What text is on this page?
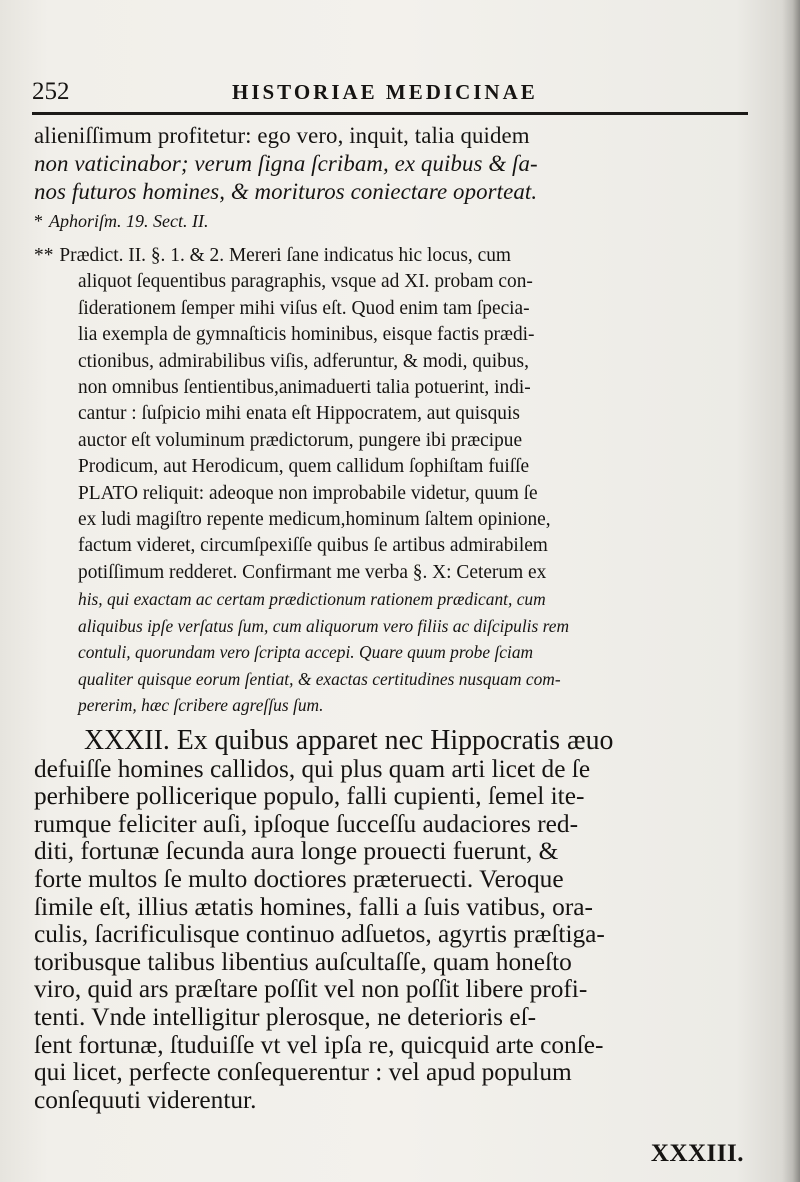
252	HISTORIAE MEDICINAE
alieniſſimum profitetur: ego vero, inquit, talia quidem
non vaticinabor; verum ſigna ſcribam, ex quibus & ſa-
nos futuros homines, & morituros coniectare oporteat.
* Aphoriſm. 19. Sect. II.
** Prædict. II. §. 1. & 2. Mereri ſane indicatus hic locus, cum
aliquot ſequentibus paragraphis, vsque ad XI. probam con-
ſiderationem ſemper mihi viſus eſt. Quod enim tam ſpecia-
lia exempla de gymnaſticis hominibus, eisque factis prædi-
ctionibus, admirabilibus viſis, adferuntur, & modi, quibus,
non omnibus ſentientibus,animaduerti talia potuerint, indi-
cantur : ſuſpicio mihi enata eſt Hippocratem, aut quisquis
auctor eſt voluminum prædictorum, pungere ibi præcipue
Prodicum, aut Herodicum, quem callidum ſophiſtam fuiſſe
PLATO reliquit: adeoque non improbabile videtur, quum ſe
ex ludi magiſtro repente medicum,hominum ſaltem opinione,
factum videret, circumſpexiſſe quibus ſe artibus admirabilem
potiſſimum redderet. Confirmant me verba §. X: Ceterum ex
his, qui exactam ac certam prædictionum rationem prædicant, cum
aliquibus ipſe verſatus ſum, cum aliquorum vero filiis ac diſcipulis rem
contuli, quorundam vero ſcripta accepi. Quare quum probe ſciam
qualiter quisque eorum ſentiat, & exactas certitudines nusquam com-
pererim, hæc ſcribere agreſſus ſum.
XXXII. Ex quibus apparet nec Hippocratis æuo
defuiſſe homines callidos, qui plus quam arti licet de ſe
perhibere pollicerique populo, falli cupienti, ſemel ite-
rumque feliciter auſi, ipſoque ſucceſſu audaciores red-
diti, fortunæ ſecunda aura longe prouecti fuerunt, &
forte multos ſe multo doctiores præteruecti. Veroque
ſimile eſt, illius ætatis homines, falli a ſuis vatibus, ora-
culis, ſacrificulisque continuo adſuetos, agyrtis præſtiga-
toribusque talibus libentius auſcultaſſe, quam honeſto
viro, quid ars præſtare poſſit vel non poſſit libere profi-
tenti. Vnde intelligitur plerosque, ne deterioris eſ-
ſent fortunæ, ſtuduiſſe vt vel ipſa re, quicquid arte conſe-
qui licet, perfecte conſequerentur : vel apud populum
conſequuti viderentur.
XXXIII.
